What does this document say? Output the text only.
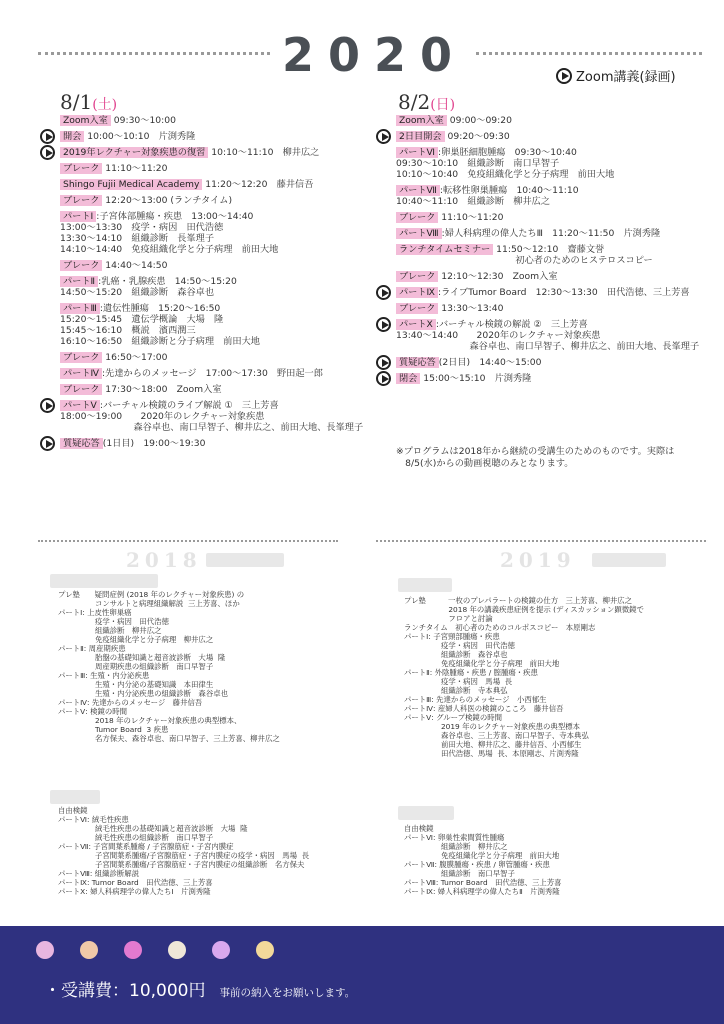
2020	Zoom講義(録画)
8/1(土)	8/2(日)
Zoom入室 09:30～10:00
開会 10:00～10:10　片渕秀隆
2019年レクチャー対象疾患の復習 10:10～11:10　柳井広之
ブレーク 11:10～11:20
Shingo Fujii Medical Academy 11:20～12:20　藤井信吾
ブレーク 12:20～13:00 (ランチタイム)
パートⅠ :子宮体部腫瘍・疾患　13:00～14:40
13:00～13:30　疫学・病因　田代浩徳
13:30～14:10　組織診断　長峯理子
14:10～14:40　免疫組織化学と分子病理　前田大地
ブレーク 14:40～14:50
パートⅡ :乳癌・乳腺疾患　14:50～15:20
14:50～15:20　組織診断　森谷卓也
パートⅢ :遺伝性腫瘍　15:20～16:50
15:20～15:45　遺伝学概論　大場　隆
15:45～16:10　概説　濱西潤三
16:10～16:50　組織診断と分子病理　前田大地
ブレーク 16:50～17:00
パートⅣ :先達からのメッセージ　17:00～17:30　野田起一郎
ブレーク 17:30～18:00　Zoom入室
パートⅤ :バーチャル検鏡のライブ解説 ①　三上芳喜
18:00～19:00　　2020年のレクチャー対象疾患
　　　　　　　　森谷卓也、南口早智子、柳井広之、前田大地、長峯理子
質疑応答 (1日目)　19:00～19:30
Zoom入室 09:00～09:20
2日目開会 09:20～09:30
パートⅥ :卵巣胚細胞腫瘍　09:30～10:40
09:30～10:10　組織診断　南口早智子
10:10～10:40　免疫組織化学と分子病理　前田大地
パートⅦ :転移性卵巣腫瘍　10:40～11:10
10:40～11:10　組織診断　柳井広之
ブレーク 11:10～11:20
パートⅧ :婦人科病理の偉人たちⅢ　11:20～11:50　片渕秀隆
ランチタイムセミナー 11:50～12:10　齋藤文誉
　　　　　　　　　　　　　初心者のためのヒステロスコピー
ブレーク 12:10～12:30　Zoom入室
パートⅨ :ライブTumor Board　12:30～13:30　田代浩徳、三上芳喜
ブレーク 13:30～13:40
パートⅩ :バーチャル検鏡の解説 ②　三上芳喜
13:40～14:40　　2020年のレクチャー対象疾患
　　　　　　　　森谷卓也、南口早智子、柳井広之、前田大地、長峯理子
質疑応答 (2日目)　14:40～15:00
閉会 15:00～15:10　片渕秀隆
※プログラムは2018年から継続の受講生のためのものです。実際は
　8/5(水)からの動画視聴のみとなります。
2018
プレ塾　　疑問症例 (2018 年のレクチャー対象疾患) の
　　　　　コンサルトと病理組織解説  三上芳喜、ほか
パートⅠ: 上皮性卵巣癌
　　　　　疫学・病因　田代浩徳
　　　　　組織診断　柳井広之
　　　　　免疫組織化学と分子病理　柳井広之
パートⅡ: 周産期疾患
　　　　　胎盤の基礎知識と超音波診断　大場  隆
　　　　　周産期疾患の組織診断　南口早智子
パートⅢ: 生殖・内分泌疾患
　　　　　生殖・内分泌の基礎知識　本田律生
　　　　　生殖・内分泌疾患の組織診断　森谷卓也
パートⅣ: 先達からのメッセージ　藤井信吾
パートⅤ: 検鏡の時間
　　　　　2018 年のレクチャー対象疾患の典型標本、
　　　　　Tumor Board  3 疾患
　　　　　名方保夫、森谷卓也、南口早智子、三上芳喜、柳井広之
自由検鏡
パートⅥ: 絨毛性疾患
　　　　　絨毛性疾患の基礎知識と超音波診断　大場  隆
　　　　　絨毛性疾患の組織診断　南口早智子
パートⅦ: 子宮間葉系腫瘍 / 子宮腺筋症・子宮内膜症
　　　　　子宮間葉系腫瘍/子宮腺筋症・子宮内膜症の疫学・病因　馬場  長
　　　　　子宮間葉系腫瘍/子宮腺筋症・子宮内膜症の組織診断　名方保夫
パートⅧ: 組織診断解説
パートⅨ: Tumor Board　田代浩徳、三上芳喜
パートⅩ: 婦人科病理学の偉人たちⅠ　片渕秀隆
2019
プレ塾　　　一枚のプレパラートの検鏡の仕方　三上芳喜、柳井広之
　　　　　　2018 年の講義疾患症例を提示 (ディスカッション顕微鏡で
　　　　　　フロアと討論
ランチタイム　初心者のためのコルポスコピー　本原剛志
パートⅠ: 子宮頸部腫瘍・疾患
　　　　　疫学・病因　田代浩徳
　　　　　組織診断　森谷卓也
　　　　　免疫組織化学と分子病理　前田大地
パートⅡ: 外陰腫瘍・疾患 / 膣腫瘍・疾患
　　　　　疫学・病因　馬場  長
　　　　　組織診断　寺本典弘
パートⅢ: 先達からのメッセージ　小西郁生
パートⅣ: 産婦人科医の検鏡のこころ　藤井信吾
パートⅤ: グループ検鏡の時間
　　　　　2019 年のレクチャー対象疾患の典型標本
　　　　　森谷卓也、三上芳喜、南口早智子、寺本典弘
　　　　　前田大地、柳井広之、藤井信吾、小西郁生
　　　　　田代浩徳、馬場  長、本原剛志、片渕秀隆
自由検鏡
パートⅥ: 卵巣性索間質性腫瘍
　　　　　組織診断　柳井広之
　　　　　免疫組織化学と分子病理　前田大地
パートⅦ: 腹膜腫瘍・疾患 / 卵管腫瘍・疾患
　　　　　組織診断　南口早智子
パートⅧ: Tumor Board　田代浩徳、三上芳喜
パートⅨ: 婦人科病理学の偉人たちⅡ　片渕秀隆
・受講費：10,000円 事前の納入をお願いします。
